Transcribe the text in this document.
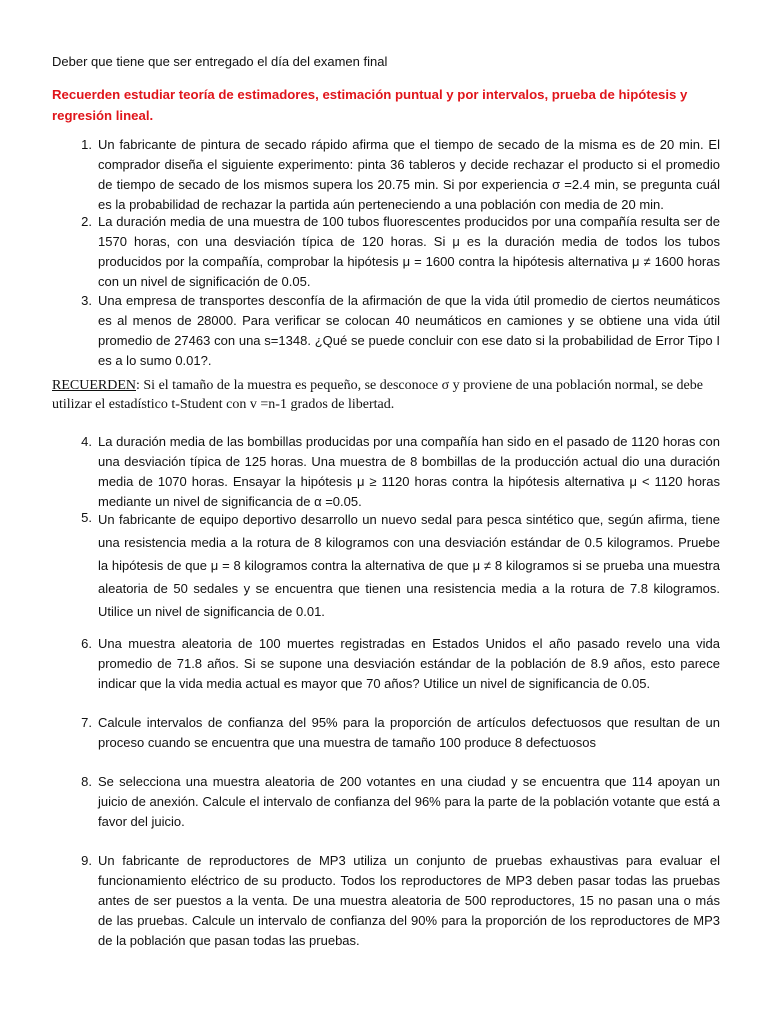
Deber que tiene que ser entregado el día del examen final
Recuerden estudiar teoría de estimadores, estimación puntual y por intervalos, prueba de hipótesis y regresión lineal.
1. Un fabricante de pintura de secado rápido afirma que el tiempo de secado de la misma es de 20 min. El comprador diseña el siguiente experimento: pinta 36 tableros y decide rechazar el producto si el promedio de tiempo de secado de los mismos supera los 20.75 min. Si por experiencia σ =2.4 min, se pregunta cuál es la probabilidad de rechazar la partida aún perteneciendo a una población con media de 20 min.
2. La duración media de una muestra de 100 tubos fluorescentes producidos por una compañía resulta ser de 1570 horas, con una desviación típica de 120 horas. Si μ es la duración media de todos los tubos producidos por la compañía, comprobar la hipótesis μ = 1600 contra la hipótesis alternativa μ ≠ 1600 horas con un nivel de significación de 0.05.
3. Una empresa de transportes desconfía de la afirmación de que la vida útil promedio de ciertos neumáticos es al menos de 28000. Para verificar se colocan 40 neumáticos en camiones y se obtiene una vida útil promedio de 27463 con una s=1348. ¿Qué se puede concluir con ese dato si la probabilidad de Error Tipo I es a lo sumo 0.01?.
RECUERDEN: Si el tamaño de la muestra es pequeño, se desconoce σ y proviene de una población normal, se debe utilizar el estadístico t-Student con v =n-1 grados de libertad.
4. La duración media de las bombillas producidas por una compañía han sido en el pasado de 1120 horas con una desviación típica de 125 horas. Una muestra de 8 bombillas de la producción actual dio una duración media de 1070 horas. Ensayar la hipótesis μ ≥ 1120 horas contra la hipótesis alternativa μ < 1120 horas mediante un nivel de significancia de α =0.05.
5. Un fabricante de equipo deportivo desarrollo un nuevo sedal para pesca sintético que, según afirma, tiene una resistencia media a la rotura de 8 kilogramos con una desviación estándar de 0.5 kilogramos. Pruebe la hipótesis de que μ = 8 kilogramos contra la alternativa de que μ ≠ 8 kilogramos si se prueba una muestra aleatoria de 50 sedales y se encuentra que tienen una resistencia media a la rotura de 7.8 kilogramos. Utilice un nivel de significancia de 0.01.
6. Una muestra aleatoria de 100 muertes registradas en Estados Unidos el año pasado revelo una vida promedio de 71.8 años. Si se supone una desviación estándar de la población de 8.9 años, esto parece indicar que la vida media actual es mayor que 70 años? Utilice un nivel de significancia de 0.05.
7. Calcule intervalos de confianza del 95% para la proporción de artículos defectuosos que resultan de un proceso cuando se encuentra que una muestra de tamaño 100 produce 8 defectuosos
8. Se selecciona una muestra aleatoria de 200 votantes en una ciudad y se encuentra que 114 apoyan un juicio de anexión. Calcule el intervalo de confianza del 96% para la parte de la población votante que está a favor del juicio.
9. Un fabricante de reproductores de MP3 utiliza un conjunto de pruebas exhaustivas para evaluar el funcionamiento eléctrico de su producto. Todos los reproductores de MP3 deben pasar todas las pruebas antes de ser puestos a la venta. De una muestra aleatoria de 500 reproductores, 15 no pasan una o más de las pruebas. Calcule un intervalo de confianza del 90% para la proporción de los reproductores de MP3 de la población que pasan todas las pruebas.
